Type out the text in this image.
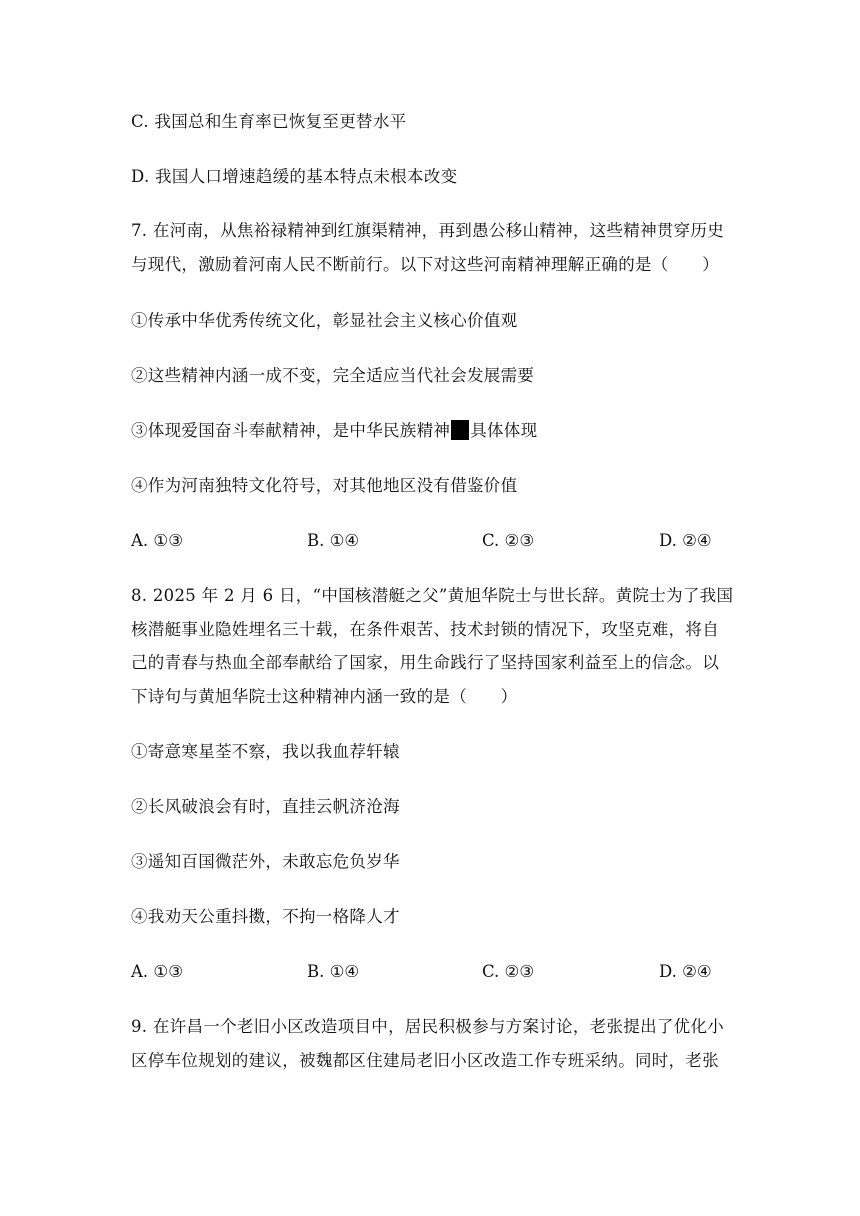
C. 我国总和生育率已恢复至更替水平
D. 我国人口增速趋缓的基本特点未根本改变
7. 在河南，从焦裕禄精神到红旗渠精神，再到愚公移山精神，这些精神贯穿历史
与现代，激励着河南人民不断前行。以下对这些河南精神理解正确的是（　　）
①传承中华优秀传统文化，彰显社会主义核心价值观
②这些精神内涵一成不变，完全适应当代社会发展需要
③体现爱国奋斗奉献精神，是中华民族精神 具体体现
④作为河南独特文化符号，对其他地区没有借鉴价值
A. ①③	B. ①④	C. ②③	D. ②④
8. 2025 年 2 月 6 日，“中国核潜艇之父”黄旭华院士与世长辞。黄院士为了我国
核潜艇事业隐姓埋名三十载，在条件艰苦、技术封锁的情况下，攻坚克难，将自
己的青春与热血全部奉献给了国家，用生命践行了坚持国家利益至上的信念。以
下诗句与黄旭华院士这种精神内涵一致的是（　　）
①寄意寒星荃不察，我以我血荐轩辕
②长风破浪会有时，直挂云帆济沧海
③遥知百国微茫外，未敢忘危负岁华
④我劝天公重抖擞，不拘一格降人才
A. ①③	B. ①④	C. ②③	D. ②④
9. 在许昌一个老旧小区改造项目中，居民积极参与方案讨论，老张提出了优化小
区停车位规划的建议，被魏都区住建局老旧小区改造工作专班采纳。同时，老张
